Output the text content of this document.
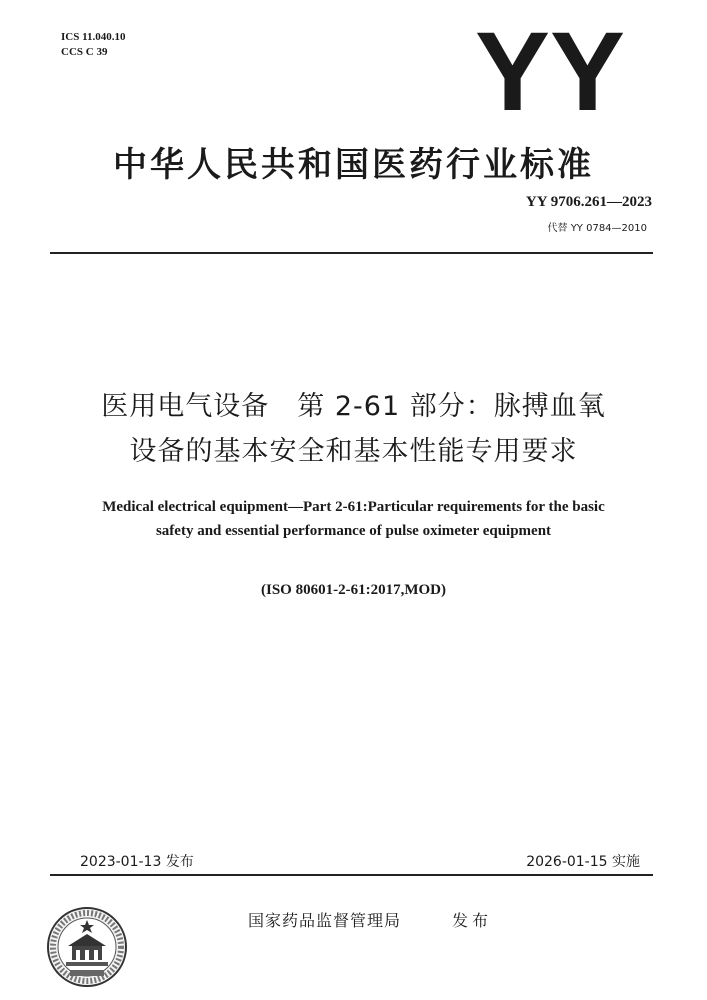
ICS 11.040.10
CCS C 39	YY
中华人民共和国医药行业标准
YY 9706.261—2023
代替 YY 0784—2010
医用电气设备　第 2-61 部分：脉搏血氧
设备的基本安全和基本性能专用要求
Medical electrical equipment—Part 2-61:Particular requirements for the basic
safety and essential performance of pulse oximeter equipment
(ISO 80601-2-61:2017,MOD)
2023-01-13 发布	2026-01-15 实施
国家药品监督管理局	发布
